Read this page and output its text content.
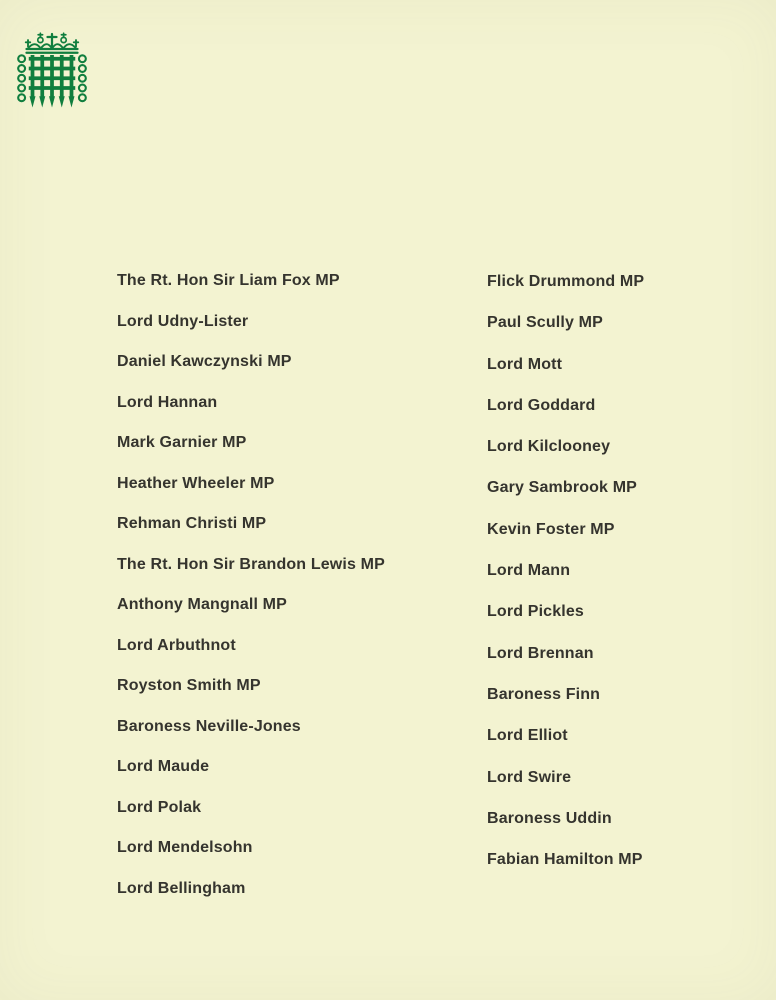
The Rt. Hon Sir Liam Fox MP
Lord Udny-Lister
Daniel Kawczynski MP
Lord Hannan
Mark Garnier MP
Heather Wheeler MP
Rehman Christi MP
The Rt. Hon Sir Brandon Lewis MP
Anthony Mangnall MP
Lord Arbuthnot
Royston Smith MP
Baroness Neville-Jones
Lord Maude
Lord Polak
Lord Mendelsohn
Lord Bellingham
Flick Drummond MP
Paul Scully MP
Lord Mott
Lord Goddard
Lord Kilclooney
Gary Sambrook MP
Kevin Foster MP
Lord Mann
Lord Pickles
Lord Brennan
Baroness Finn
Lord Elliot
Lord Swire
Baroness Uddin
Fabian Hamilton MP
